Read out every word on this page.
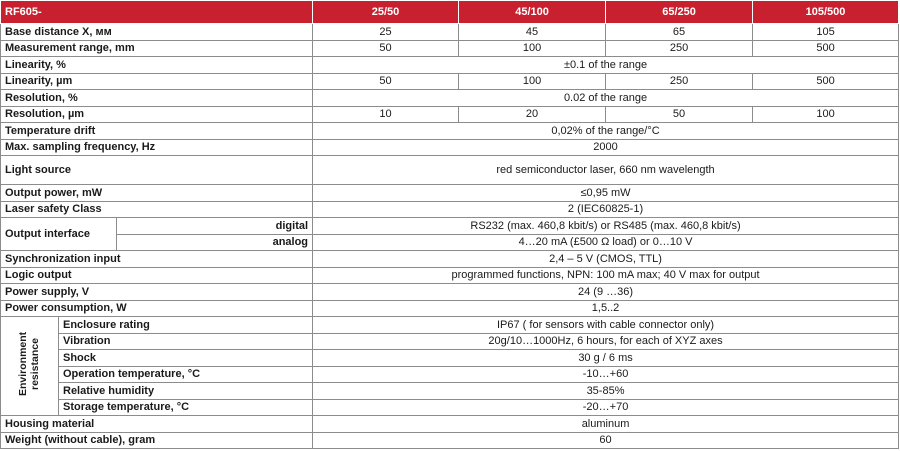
RF605-			25/50	45/100	65/250	105/500
Base distance X, мм			25	45	65	105
Measurement range, mm			50	100	250	500
Linearity, %			±0.1 of the range			
Linearity, µm			50	100	250	500
Resolution, %			0.02 of the range			
Resolution, µm			10	20	50	100
Temperature drift			0,02% of the range/°C			
Max. sampling frequency, Hz			2000			
Light source			red semiconductor laser, 660 nm wavelength			
Output power, mW			≤0,95 mW			
Laser safety Class			2 (IEC60825-1)			
Output interface		digital	RS232 (max. 460,8 kbit/s) or RS485 (max. 460,8 kbit/s)			
		analog	4…20 mA (£500 Ω load) or 0…10 V			
Synchronization input			2,4 – 5 V (CMOS, TTL)			
Logic output			programmed functions, NPN: 100 mA max; 40 V max for output			
Power supply, V			24 (9 …36)			
Power consumption, W			1,5..2			
Environment resistance	Enclosure rating		IP67 ( for sensors with cable connector only)			
	Vibration		20g/10…1000Hz, 6 hours, for each of XYZ axes			
	Shock		30 g / 6 ms			
	Operation temperature, °C		-10…+60			
	Relative humidity		35-85%			
	Storage temperature, °C		-20…+70			
Housing material			aluminum			
Weight (without cable), gram			60			
